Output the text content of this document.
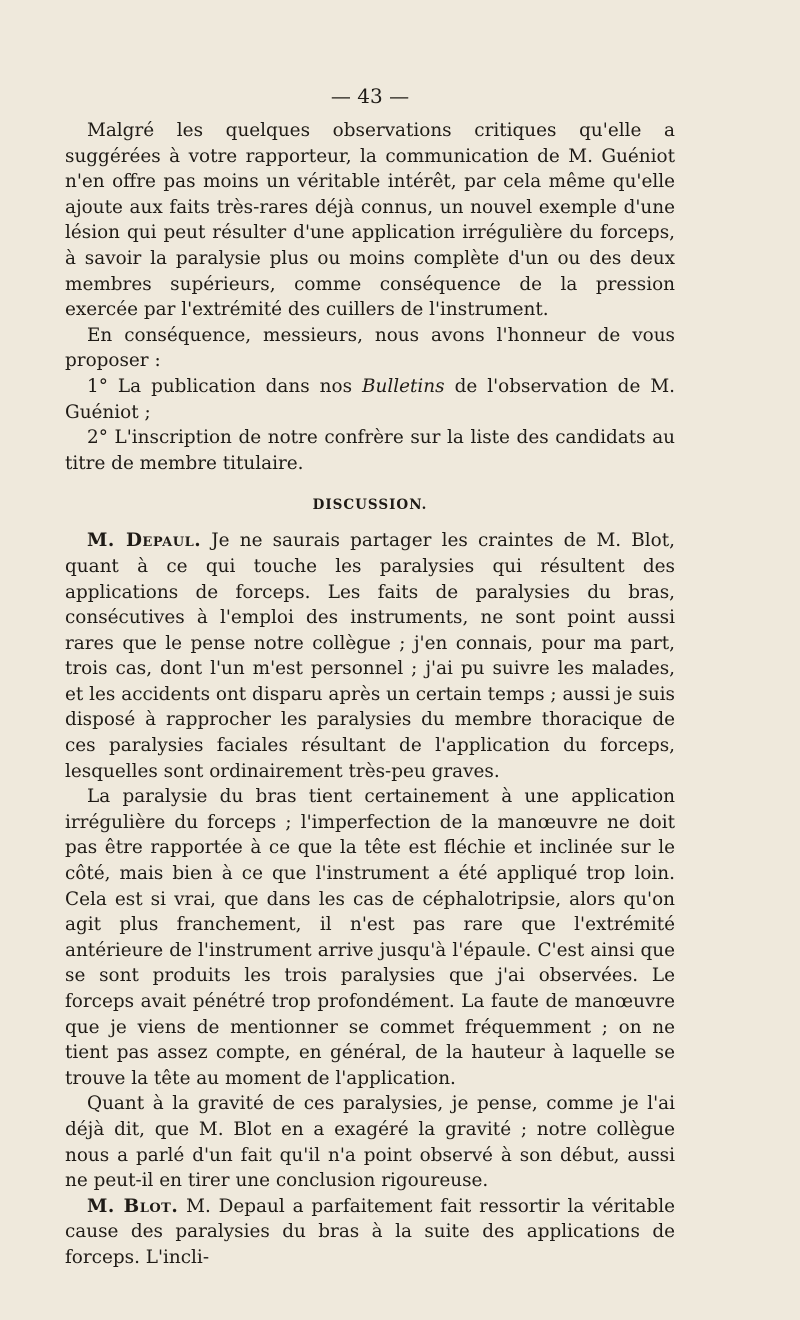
— 43 —

Malgré les quelques observations critiques qu'elle a suggérées à votre rapporteur, la communication de M. Guéniot n'en offre pas moins un véritable intérêt, par cela même qu'elle ajoute aux faits très-rares déjà connus, un nouvel exemple d'une lésion qui peut résulter d'une application irrégulière du forceps, à savoir la paralysie plus ou moins complète d'un ou des deux membres supérieurs, comme conséquence de la pression exercée par l'extrémité des cuillers de l'instrument.

En conséquence, messieurs, nous avons l'honneur de vous proposer :

1° La publication dans nos Bulletins de l'observation de M. Guéniot ;

2° L'inscription de notre confrère sur la liste des candidats au titre de membre titulaire.

DISCUSSION.

M. Depaul. Je ne saurais partager les craintes de M. Blot, quant à ce qui touche les paralysies qui résultent des applications de forceps. Les faits de paralysies du bras, consécutives à l'emploi des instruments, ne sont point aussi rares que le pense notre collègue ; j'en connais, pour ma part, trois cas, dont l'un m'est personnel ; j'ai pu suivre les malades, et les accidents ont disparu après un certain temps ; aussi je suis disposé à rapprocher les paralysies du membre thoracique de ces paralysies faciales résultant de l'application du forceps, lesquelles sont ordinairement très-peu graves.

La paralysie du bras tient certainement à une application irrégulière du forceps ; l'imperfection de la manœuvre ne doit pas être rapportée à ce que la tête est fléchie et inclinée sur le côté, mais bien à ce que l'instrument a été appliqué trop loin. Cela est si vrai, que dans les cas de céphalotripsie, alors qu'on agit plus franchement, il n'est pas rare que l'extrémité antérieure de l'instrument arrive jusqu'à l'épaule. C'est ainsi que se sont produits les trois paralysies que j'ai observées. Le forceps avait pénétré trop profondément. La faute de manœuvre que je viens de mentionner se commet fréquemment ; on ne tient pas assez compte, en général, de la hauteur à laquelle se trouve la tête au moment de l'application.

Quant à la gravité de ces paralysies, je pense, comme je l'ai déjà dit, que M. Blot en a exagéré la gravité ; notre collègue nous a parlé d'un fait qu'il n'a point observé à son début, aussi ne peut-il en tirer une conclusion rigoureuse.

M. Blot. M. Depaul a parfaitement fait ressortir la véritable cause des paralysies du bras à la suite des applications de forceps. L'incli-
